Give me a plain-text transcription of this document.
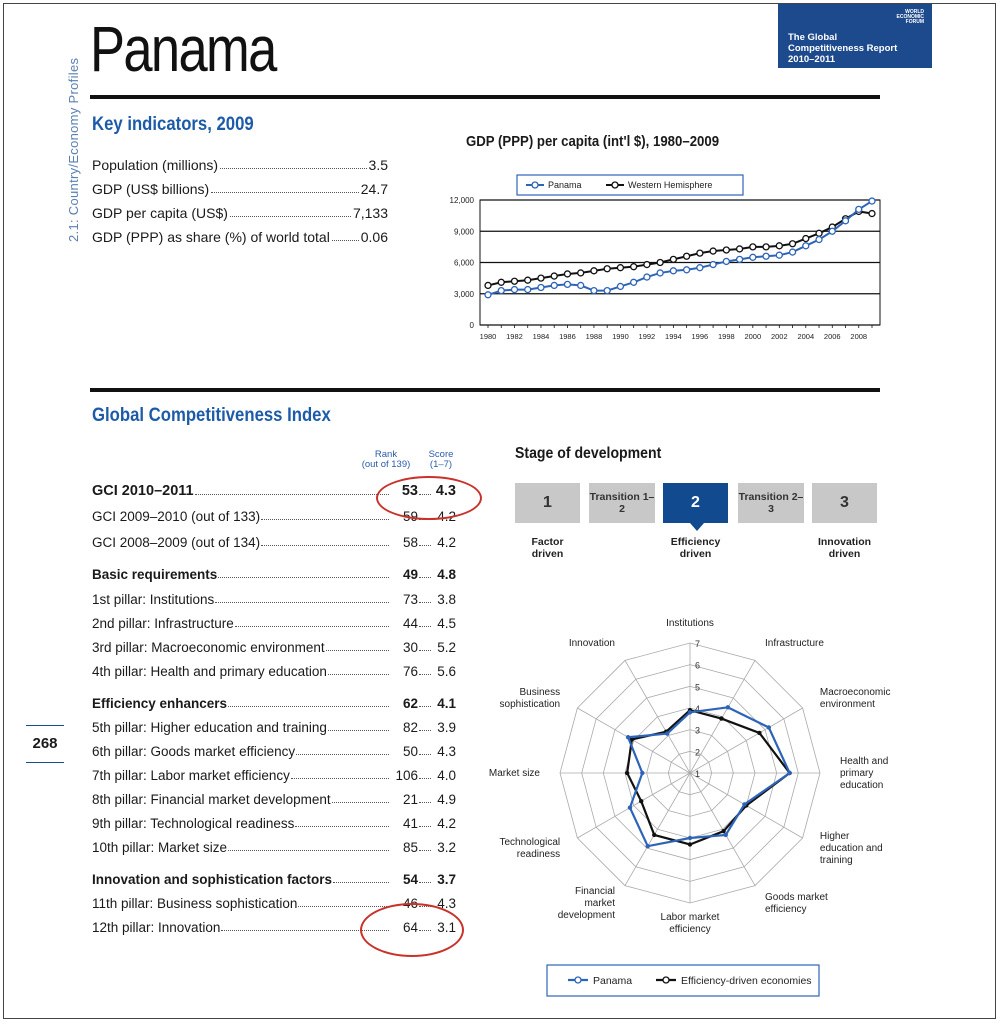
2.1: Country/Economy Profiles
Panama
WORLD
ECONOMIC
FORUM
The Global
Competitiveness Report
2010–2011
Key indicators, 2009
Population (millions)	3.5
GDP (US$ billions)	24.7
GDP per capita (US$)	7,133
GDP (PPP) as share (%) of world total 0.06
GDP (PPP) per capita (int'l $), 1980–2009
0
3,000
6,000
9,000
12,000
1980 1982 1984 1986 1988 1990 1992 1994 1996 1998 2000 2002 2004 2006 2008
Panama	Western Hemisphere
Global Competitiveness Index
Rank
(out of 139)
Score
(1–7)
GCI 2010–2011	53 4.3
GCI 2009–2010 (out of 133)	59	4.2
GCI 2008–2009 (out of 134)	58	4.2
Basic requirements	49	4.8
1st pillar: Institutions	73	3.8
2nd pillar: Infrastructure	44	4.5
3rd pillar: Macroeconomic environment	30	5.2
4th pillar: Health and primary education	76	5.6
Efficiency enhancers	62	4.1
5th pillar: Higher education and training	82	3.9
6th pillar: Goods market efficiency	50	4.3
7th pillar: Labor market efficiency	106	4.0
8th pillar: Financial market development	21	4.9
9th pillar: Technological readiness	41	4.2
10th pillar: Market size	85	3.2
Innovation and sophistication factors	54	3.7
11th pillar: Business sophistication	46	4.3
12th pillar: Innovation	64	3.1
268
Stage of development
1	Transition 1–2	2	Transition 2–3	3
Factor driven
Efficiency driven
Innovation driven
1
2
3
4
5
6
7
Institutions
Infrastructure
Macroeconomic environment
Health and primary education
Higher education and training
Goods market efficiency
Labor market efficiency
Financial market development
Technological readiness
Market size
Business sophistication
Innovation
Panama	Efficiency-driven economies
